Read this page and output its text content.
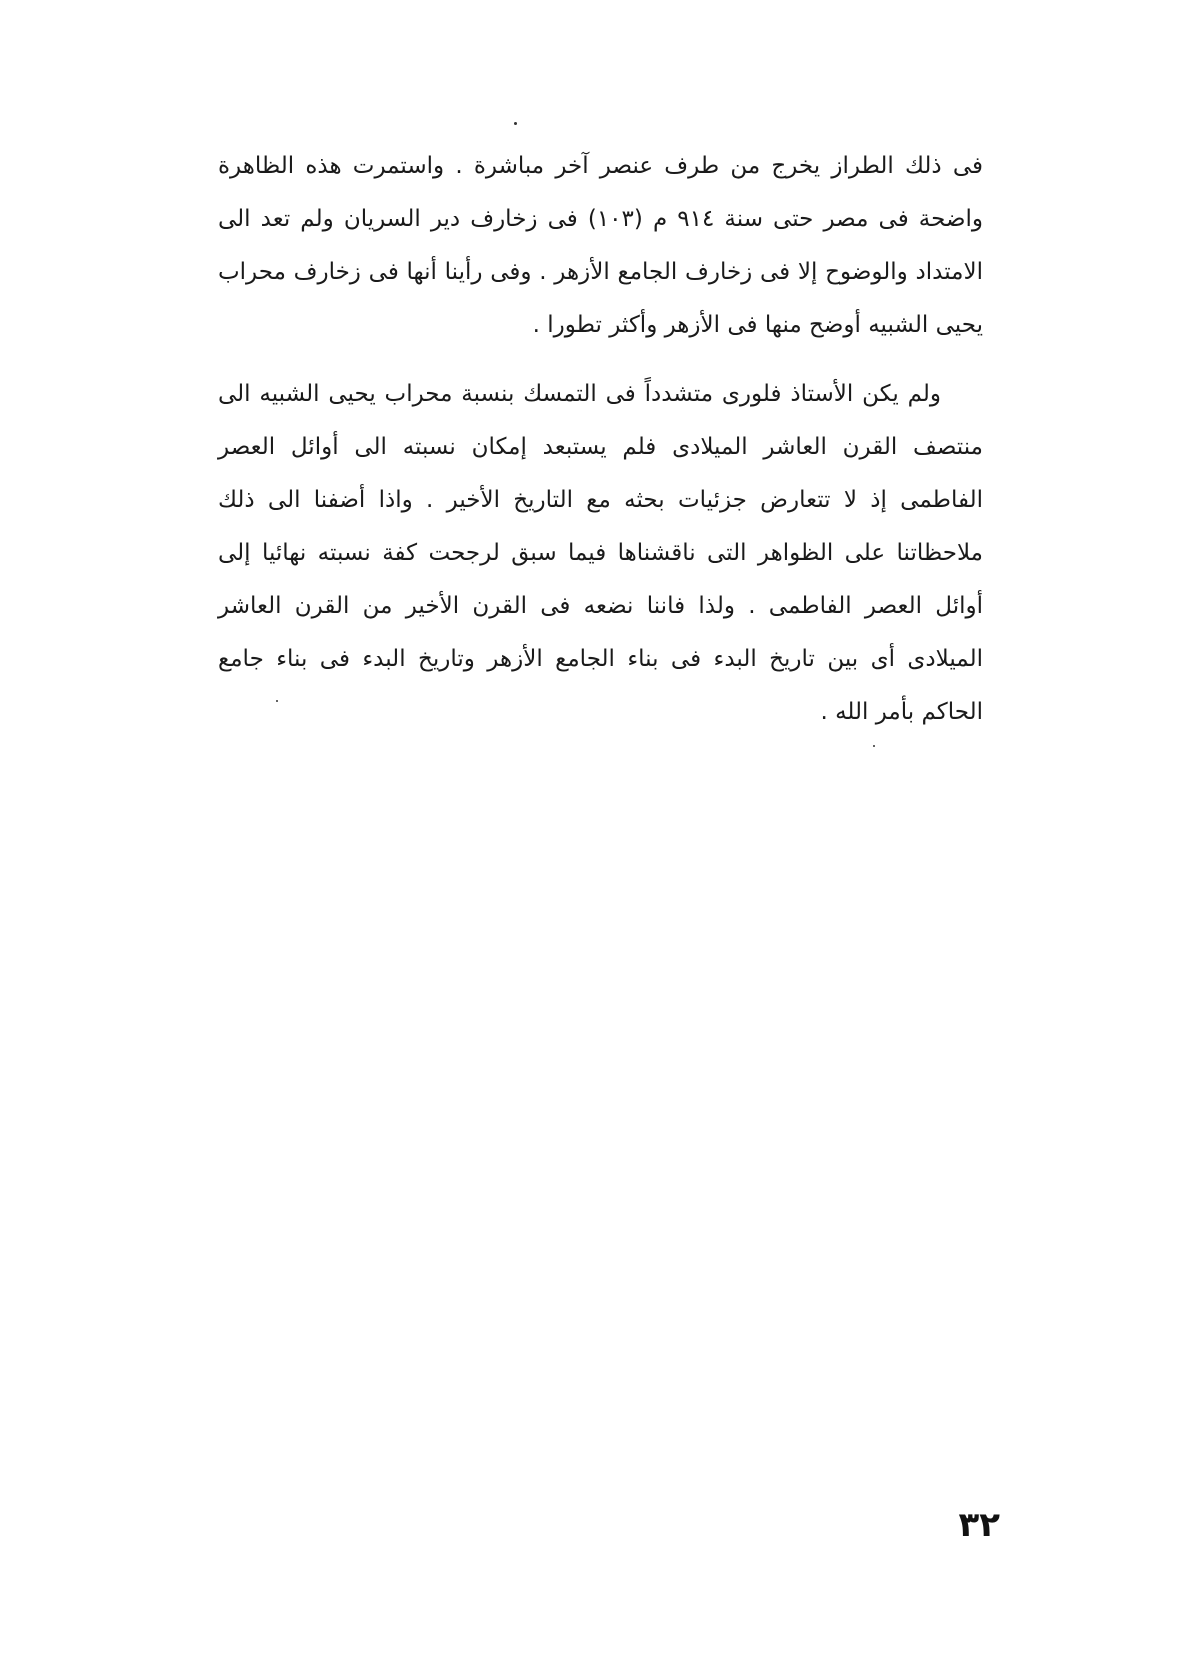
فى ذلك الطراز يخرج من طرف عنصر آخر مباشرة . واستمرت هذه الظاهرة واضحة فى مصر حتى سنة ٩١٤ م (١٠٣) فى زخارف دير السريان ولم تعد الى الامتداد والوضوح إلا فى زخارف الجامع الأزهر . وفى رأينا أنها فى زخارف محراب يحيى الشبيه أوضح منها فى الأزهر وأكثر تطورا .

ولم يكن الأستاذ فلورى متشدداً فى التمسك بنسبة محراب يحيى الشبيه الى منتصف القرن العاشر الميلادى فلم يستبعد إمكان نسبته الى أوائل العصر الفاطمى إذ لا تتعارض جزئيات بحثه مع التاريخ الأخير . واذا أضفنا الى ذلك ملاحظاتنا على الظواهر التى ناقشناها فيما سبق لرجحت كفة نسبته نهائيا إلى أوائل العصر الفاطمى . ولذا فاننا نضعه فى القرن الأخير من القرن العاشر الميلادى أى بين تاريخ البدء فى بناء الجامع الأزهر وتاريخ البدء فى بناء جامع الحاكم بأمر الله .

٣٢
